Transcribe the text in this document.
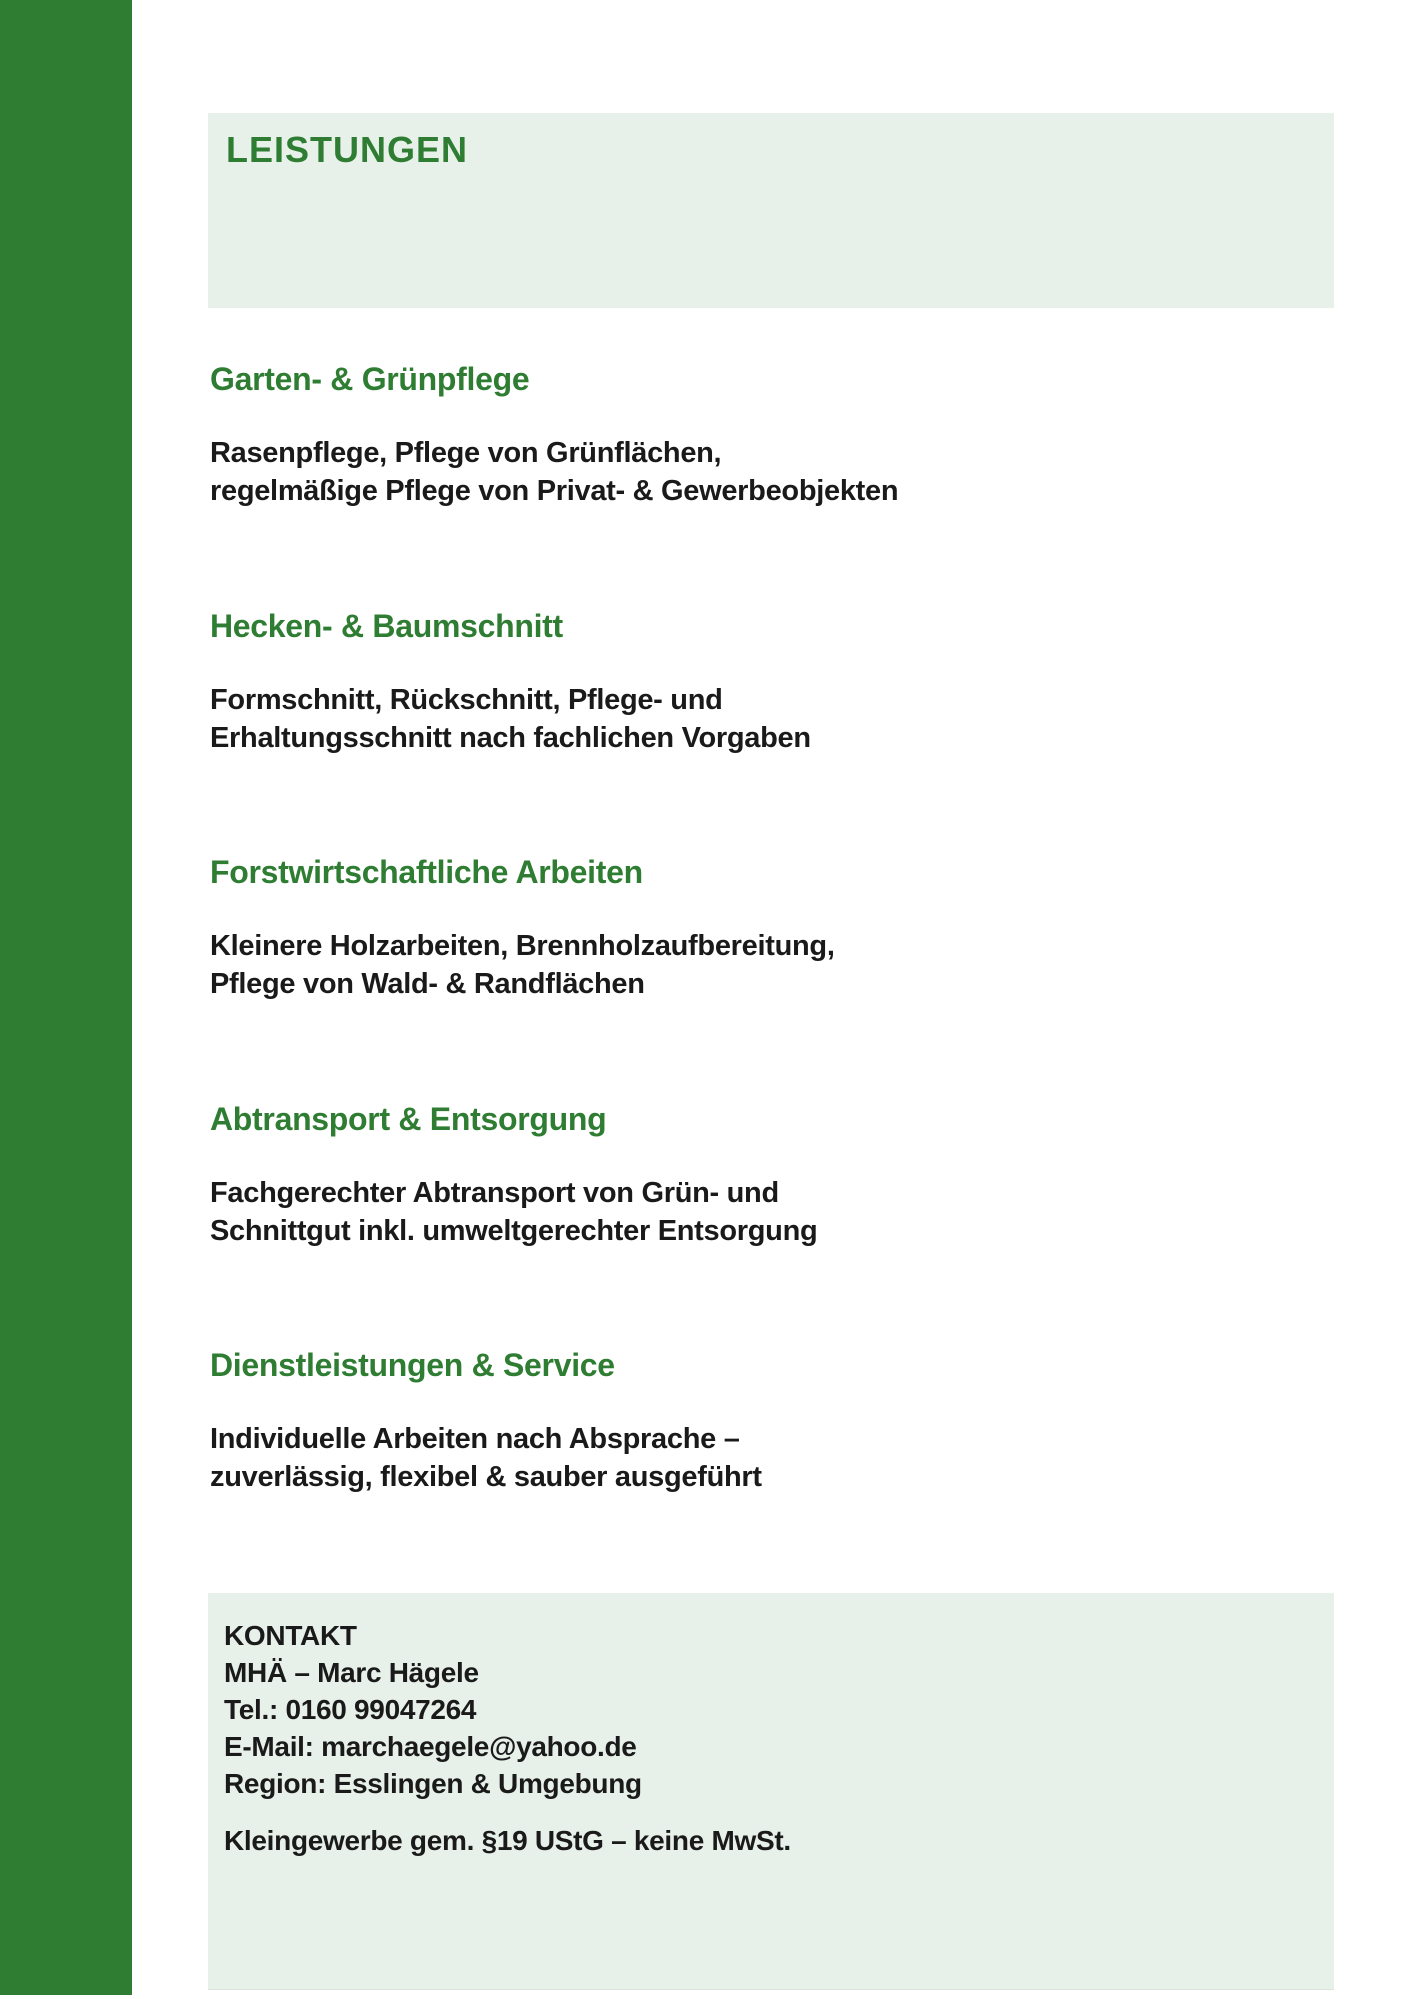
LEISTUNGEN
Garten- & Grünpflege

Rasenpflege, Pflege von Grünflächen,
regelmäßige Pflege von Privat- & Gewerbeobjekten

Hecken- & Baumschnitt

Formschnitt, Rückschnitt, Pflege- und
Erhaltungsschnitt nach fachlichen Vorgaben

Forstwirtschaftliche Arbeiten

Kleinere Holzarbeiten, Brennholzaufbereitung,
Pflege von Wald- & Randflächen

Abtransport & Entsorgung

Fachgerechter Abtransport von Grün- und
Schnittgut inkl. umweltgerechter Entsorgung

Dienstleistungen & Service

Individuelle Arbeiten nach Absprache –
zuverlässig, flexibel & sauber ausgeführt

KONTAKT
MHÄ – Marc Hägele
Tel.: 0160 99047264
E-Mail: marchaegele@yahoo.de
Region: Esslingen & Umgebung
Kleingewerbe gem. §19 UStG – keine MwSt.
